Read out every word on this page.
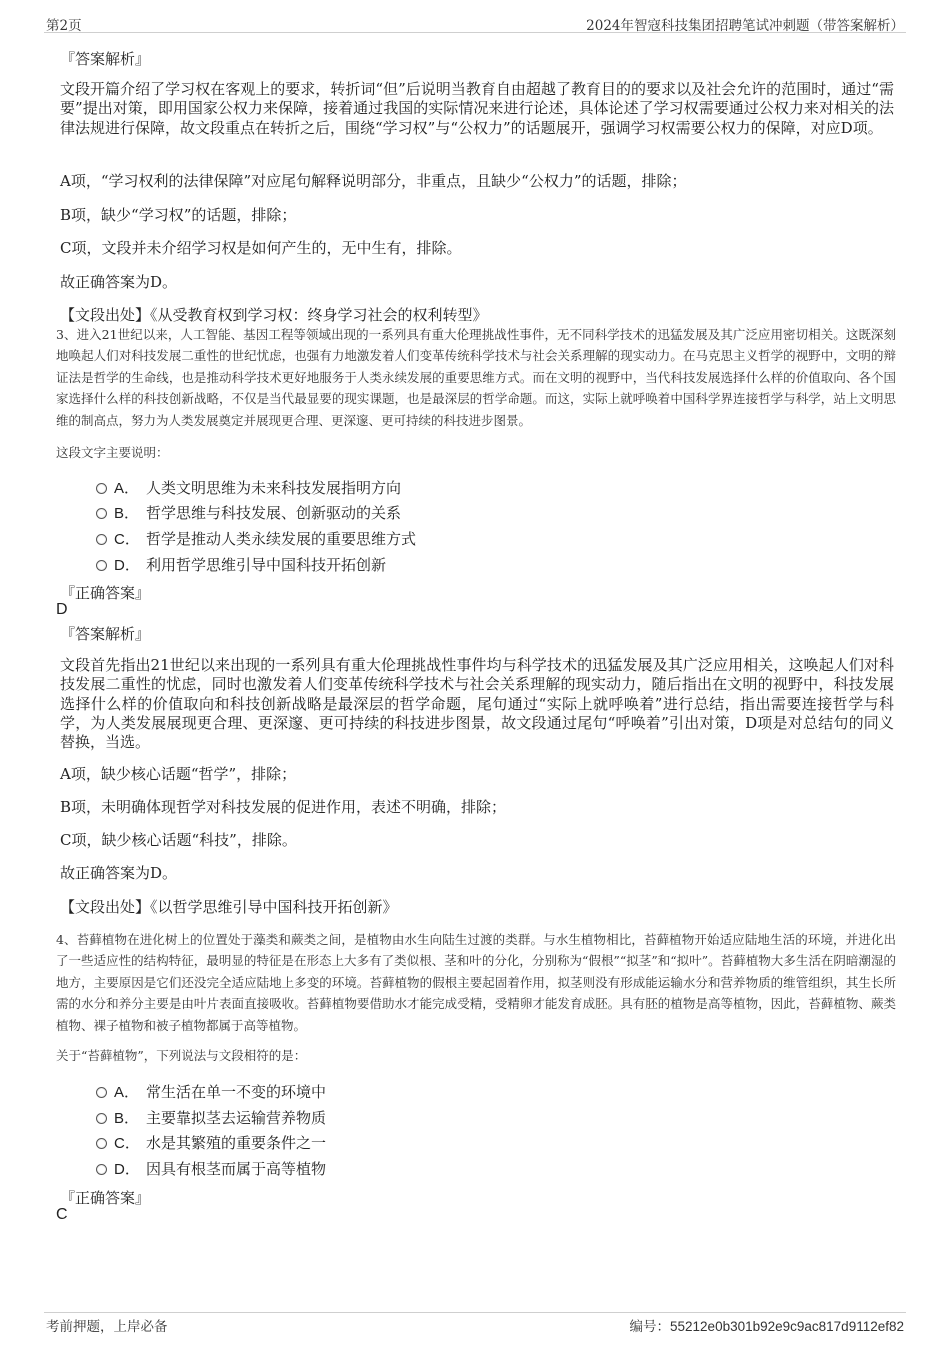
第2页	2024年智寇科技集团招聘笔试冲刺题（带答案解析）
『答案解析』

文段开篇介绍了学习权在客观上的要求，转折词“但”后说明当教育自由超越了教育目的的要求以及社会允许的范围时，通过“需要”提出对策，即用国家公权力来保障，接着通过我国的实际情况来进行论述，具体论述了学习权需要通过公权力来对相关的法律法规进行保障，故文段重点在转折之后，围绕“学习权”与“公权力”的话题展开，强调学习权需要公权力的保障，对应D项。

A项，“学习权利的法律保障”对应尾句解释说明部分，非重点，且缺少“公权力”的话题，排除；
B项，缺少“学习权”的话题，排除；
C项，文段并未介绍学习权是如何产生的，无中生有，排除。
故正确答案为D。
【文段出处】《从受教育权到学习权：终身学习社会的权利转型》

3、进入21世纪以来，人工智能、基因工程等领域出现的一系列具有重大伦理挑战性事件，无不同科学技术的迅猛发展及其广泛应用密切相关。这既深刻地唤起人们对科技发展二重性的世纪忧虑，也强有力地激发着人们变革传统科学技术与社会关系理解的现实动力。在马克思主义哲学的视野中，文明的辩证法是哲学的生命线，也是推动科学技术更好地服务于人类永续发展的重要思维方式。而在文明的视野中，当代科技发展选择什么样的价值取向、各个国家选择什么样的科技创新战略，不仅是当代最显要的现实课题，也是最深层的哲学命题。而这，实际上就呼唤着中国科学界连接哲学与科学，站上文明思维的制高点，努力为人类发展奠定并展现更合理、更深邃、更可持续的科技进步图景。

这段文字主要说明：
A． 人类文明思维为未来科技发展指明方向
B． 哲学思维与科技发展、创新驱动的关系
C． 哲学是推动人类永续发展的重要思维方式
D． 利用哲学思维引导中国科技开拓创新
『正确答案』
D
『答案解析』

文段首先指出21世纪以来出现的一系列具有重大伦理挑战性事件均与科学技术的迅猛发展及其广泛应用相关，这唤起人们对科技发展二重性的忧虑，同时也激发着人们变革传统科学技术与社会关系理解的现实动力，随后指出在文明的视野中，科技发展选择什么样的价值取向和科技创新战略是最深层的哲学命题，尾句通过“实际上就呼唤着”进行总结，指出需要连接哲学与科学，为人类发展展现更合理、更深邃、更可持续的科技进步图景，故文段通过尾句“呼唤着”引出对策，D项是对总结句的同义替换，当选。

A项，缺少核心话题“哲学”，排除；
B项，未明确体现哲学对科技发展的促进作用，表述不明确，排除；
C项，缺少核心话题“科技”，排除。
故正确答案为D。
【文段出处】《以哲学思维引导中国科技开拓创新》

4、苔藓植物在进化树上的位置处于藻类和蕨类之间，是植物由水生向陆生过渡的类群。与水生植物相比，苔藓植物开始适应陆地生活的环境，并进化出了一些适应性的结构特征，最明显的特征是在形态上大多有了类似根、茎和叶的分化，分别称为“假根”“拟茎”和“拟叶”。苔藓植物大多生活在阴暗潮湿的地方，主要原因是它们还没完全适应陆地上多变的环境。苔藓植物的假根主要起固着作用，拟茎则没有形成能运输水分和营养物质的维管组织，其生长所需的水分和养分主要是由叶片表面直接吸收。苔藓植物要借助水才能完成受精，受精卵才能发育成胚。具有胚的植物是高等植物，因此，苔藓植物、蕨类植物、裸子植物和被子植物都属于高等植物。

关于“苔藓植物”，下列说法与文段相符的是：
A． 常生活在单一不变的环境中
B． 主要靠拟茎去运输营养物质
C． 水是其繁殖的重要条件之一
D． 因具有根茎而属于高等植物
『正确答案』
C
考前押题，上岸必备	编号：55212e0b301b92e9c9ac817d9112ef82
